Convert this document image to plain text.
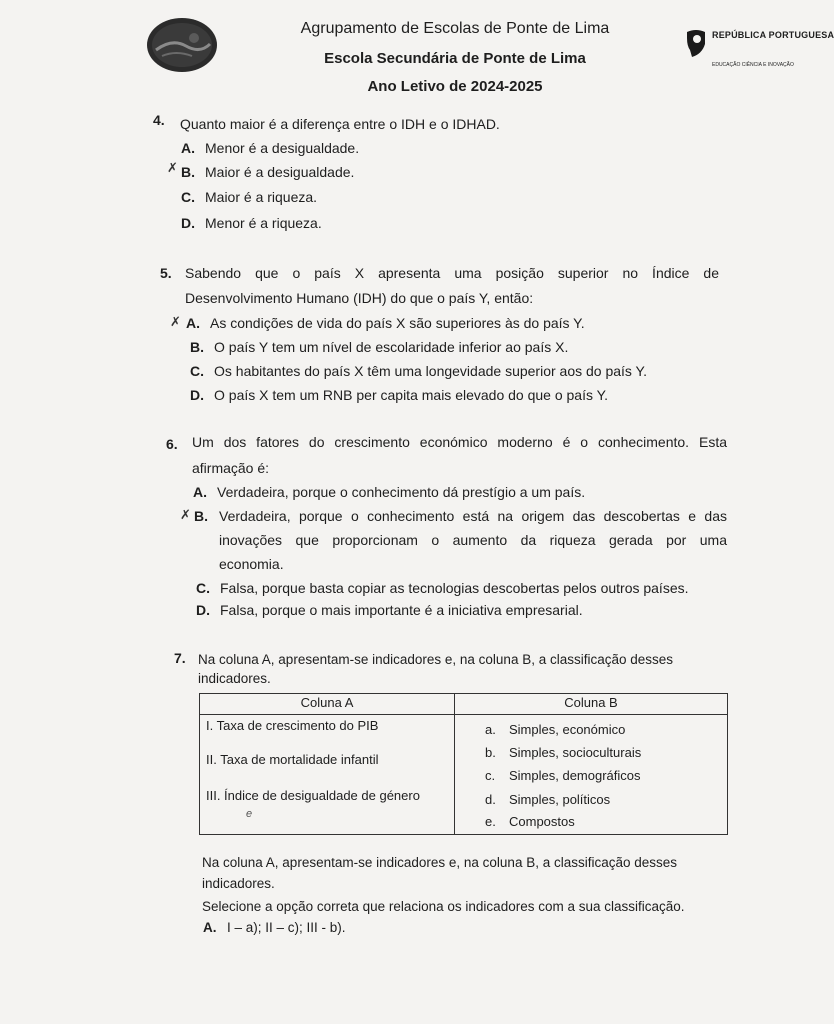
Agrupamento de Escolas de Ponte de Lima
Escola Secundária de Ponte de Lima
Ano Letivo de 2024-2025
REPÚBLICA PORTUGUESA
EDUCAÇÃO CIÊNCIA E INOVAÇÃO
4. Quanto maior é a diferença entre o IDH e o IDHAD.
A. Menor é a desigualdade.
✗ B. Maior é a desigualdade.
C. Maior é a riqueza.
D. Menor é a riqueza.
5. Sabendo que o país X apresenta uma posição superior no Índice de
Desenvolvimento Humano (IDH) do que o país Y, então:
✗ A. As condições de vida do país X são superiores às do país Y.
B. O país Y tem um nível de escolaridade inferior ao país X.
C. Os habitantes do país X têm uma longevidade superior aos do país Y.
D. O país X tem um RNB per capita mais elevado do que o país Y.
6. Um dos fatores do crescimento económico moderno é o conhecimento. Esta
afirmação é:
A. Verdadeira, porque o conhecimento dá prestígio a um país.
✗ B. Verdadeira, porque o conhecimento está na origem das descobertas e das
inovações que proporcionam o aumento da riqueza gerada por uma
economia.
C. Falsa, porque basta copiar as tecnologias descobertas pelos outros países.
D. Falsa, porque o mais importante é a iniciativa empresarial.
7. Na coluna A, apresentam-se indicadores e, na coluna B, a classificação desses
indicadores.
Coluna A	Coluna B
I. Taxa de crescimento do PIB
II. Taxa de mortalidade infantil
III. Índice de desigualdade de género
a. Simples, económico
b. Simples, socioculturais
c. Simples, demográficos
d. Simples, políticos
e. Compostos
e
Na coluna A, apresentam-se indicadores e, na coluna B, a classificação desses
indicadores.
Selecione a opção correta que relaciona os indicadores com a sua classificação.
A. I – a); II – c); III - b).
